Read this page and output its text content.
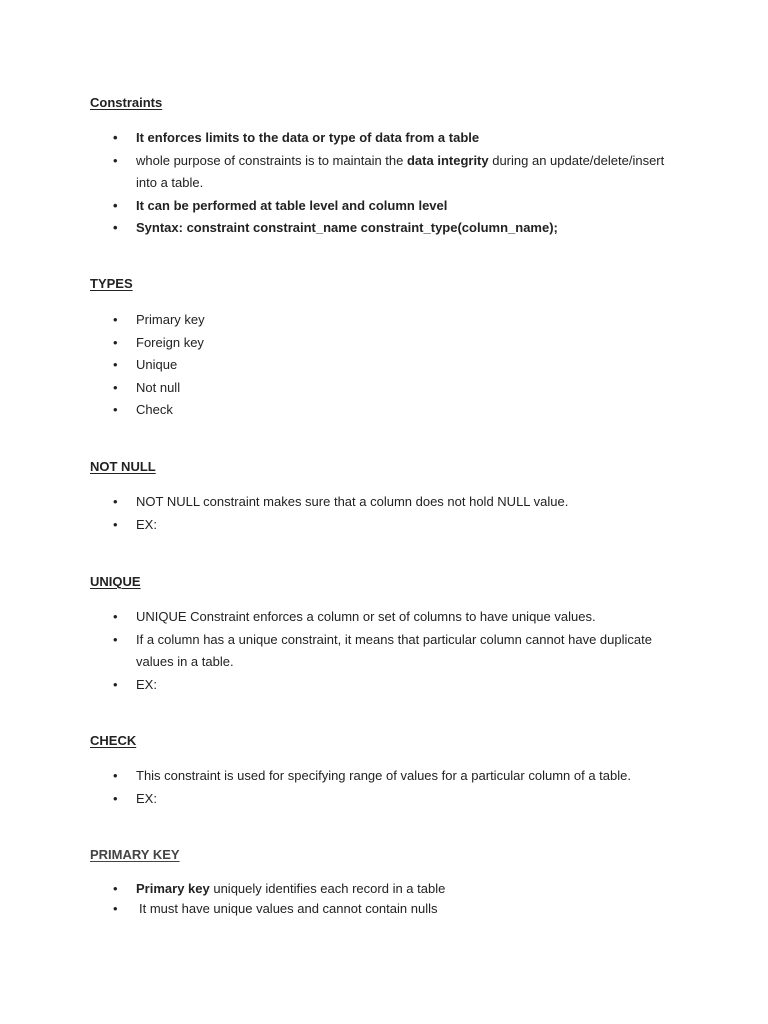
Constraints
• It enforces limits to the data or type of data from a table
• whole purpose of constraints is to maintain the data integrity during an update/delete/insert into a table.
• It can be performed at table level and column level
• Syntax: constraint constraint_name constraint_type(column_name);
TYPES
• Primary key
• Foreign key
• Unique
• Not null
• Check
NOT NULL
• NOT NULL constraint makes sure that a column does not hold NULL value.
• EX:
UNIQUE
• UNIQUE Constraint enforces a column or set of columns to have unique values.
• If a column has a unique constraint, it means that particular column cannot have duplicate values in a table.
• EX:
CHECK
• This constraint is used for specifying range of values for a particular column of a table.
• EX:
PRIMARY KEY
• Primary key uniquely identifies each record in a table
• It must have unique values and cannot contain nulls
